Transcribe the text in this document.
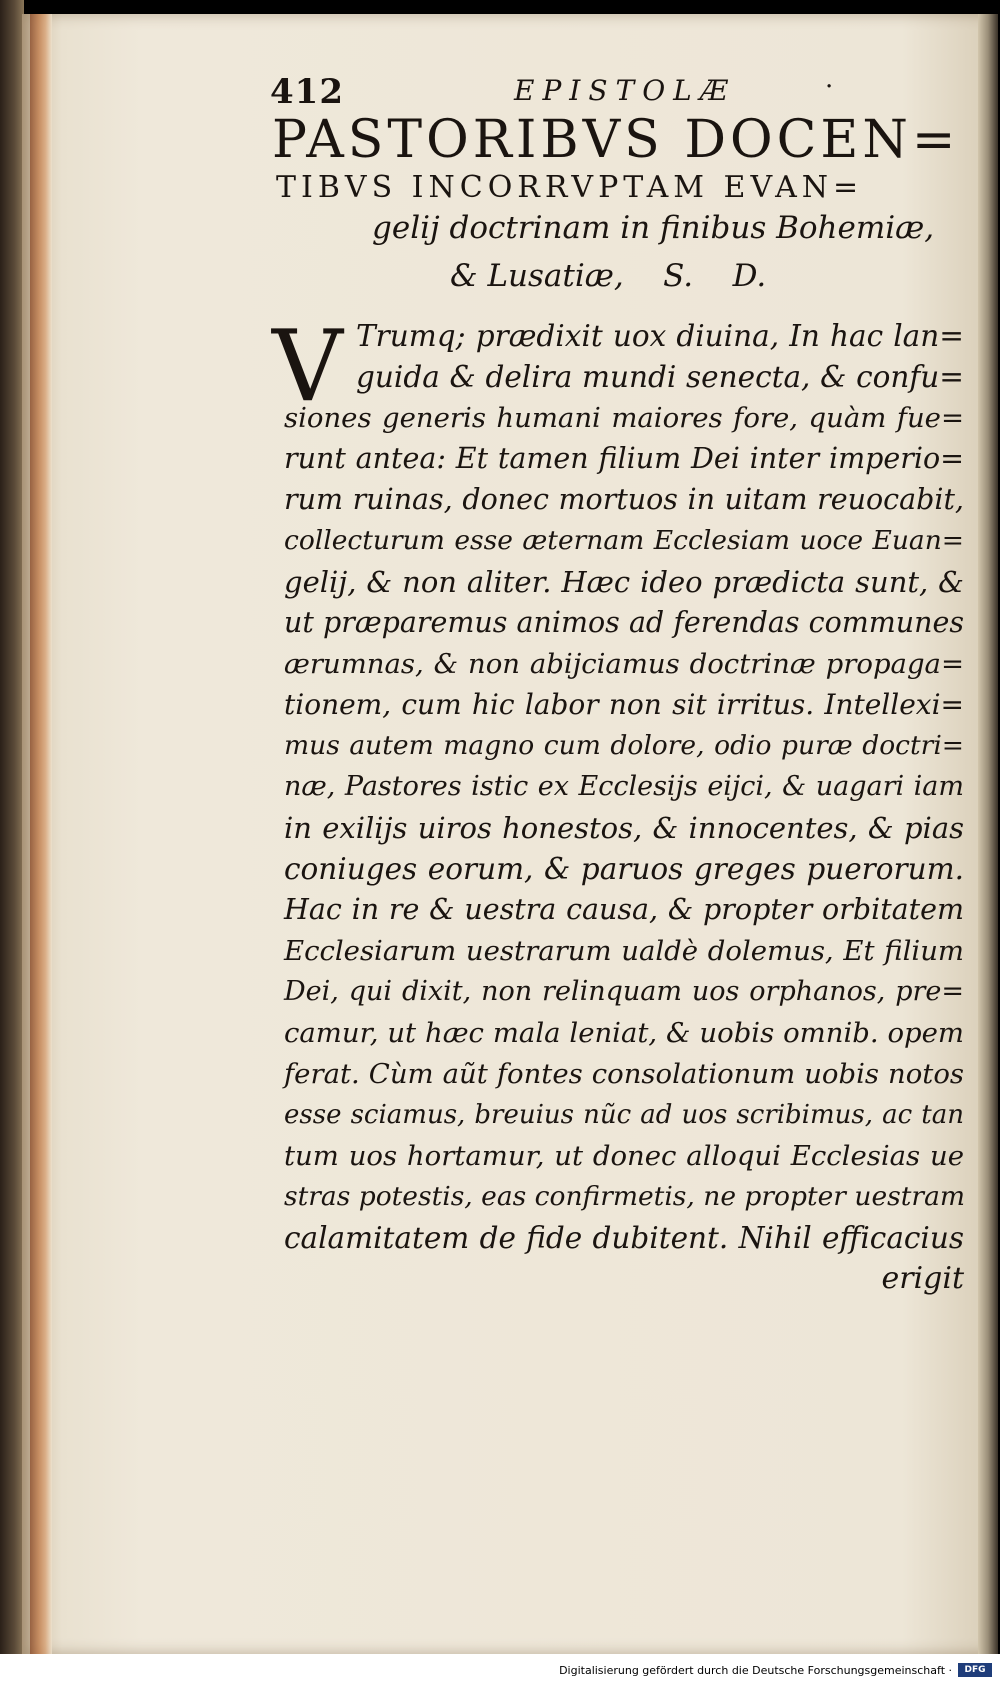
412	EPISTOLÆ	·
PASTORIBVS DOCEN=
TIBVS INCORRVPTAM EVAN=
gelij doctrinam in finibus Bohemiæ,
& Lusatiæ,    S.    D.
V Trumq; prædixit uox diuina, In hac lan=
guida & delira mundi senecta, & confu=
siones generis humani maiores fore, quàm fue=
runt antea: Et tamen filium Dei inter imperio=
rum ruinas, donec mortuos in uitam reuocabit,
collecturum esse æternam Ecclesiam uoce Euan=
gelij, & non aliter. Hæc ideo prædicta sunt, &
ut præparemus animos ad ferendas communes
ærumnas, & non abijciamus doctrinæ propaga=
tionem, cum hic labor non sit irritus. Intellexi=
mus autem magno cum dolore, odio puræ doctri=
næ, Pastores istic ex Ecclesijs eijci, & uagari iam
in exilijs uiros honestos, & innocentes, & pias
coniuges eorum, & paruos greges puerorum.
Hac in re & uestra causa, & propter orbitatem
Ecclesiarum uestrarum ualdè dolemus, Et filium
Dei, qui dixit, non relinquam uos orphanos, pre=
camur, ut hæc mala leniat, & uobis omnib. opem
ferat. Cùm aũt fontes consolationum uobis notos
esse sciamus, breuius nũc ad uos scribimus, ac tan
tum uos hortamur, ut donec alloqui Ecclesias ue
stras potestis, eas confirmetis, ne propter uestram
calamitatem de fide dubitent. Nihil efficacius
erigit
Digitalisierung gefördert durch die Deutsche Forschungsgemeinschaft ·	DFG
